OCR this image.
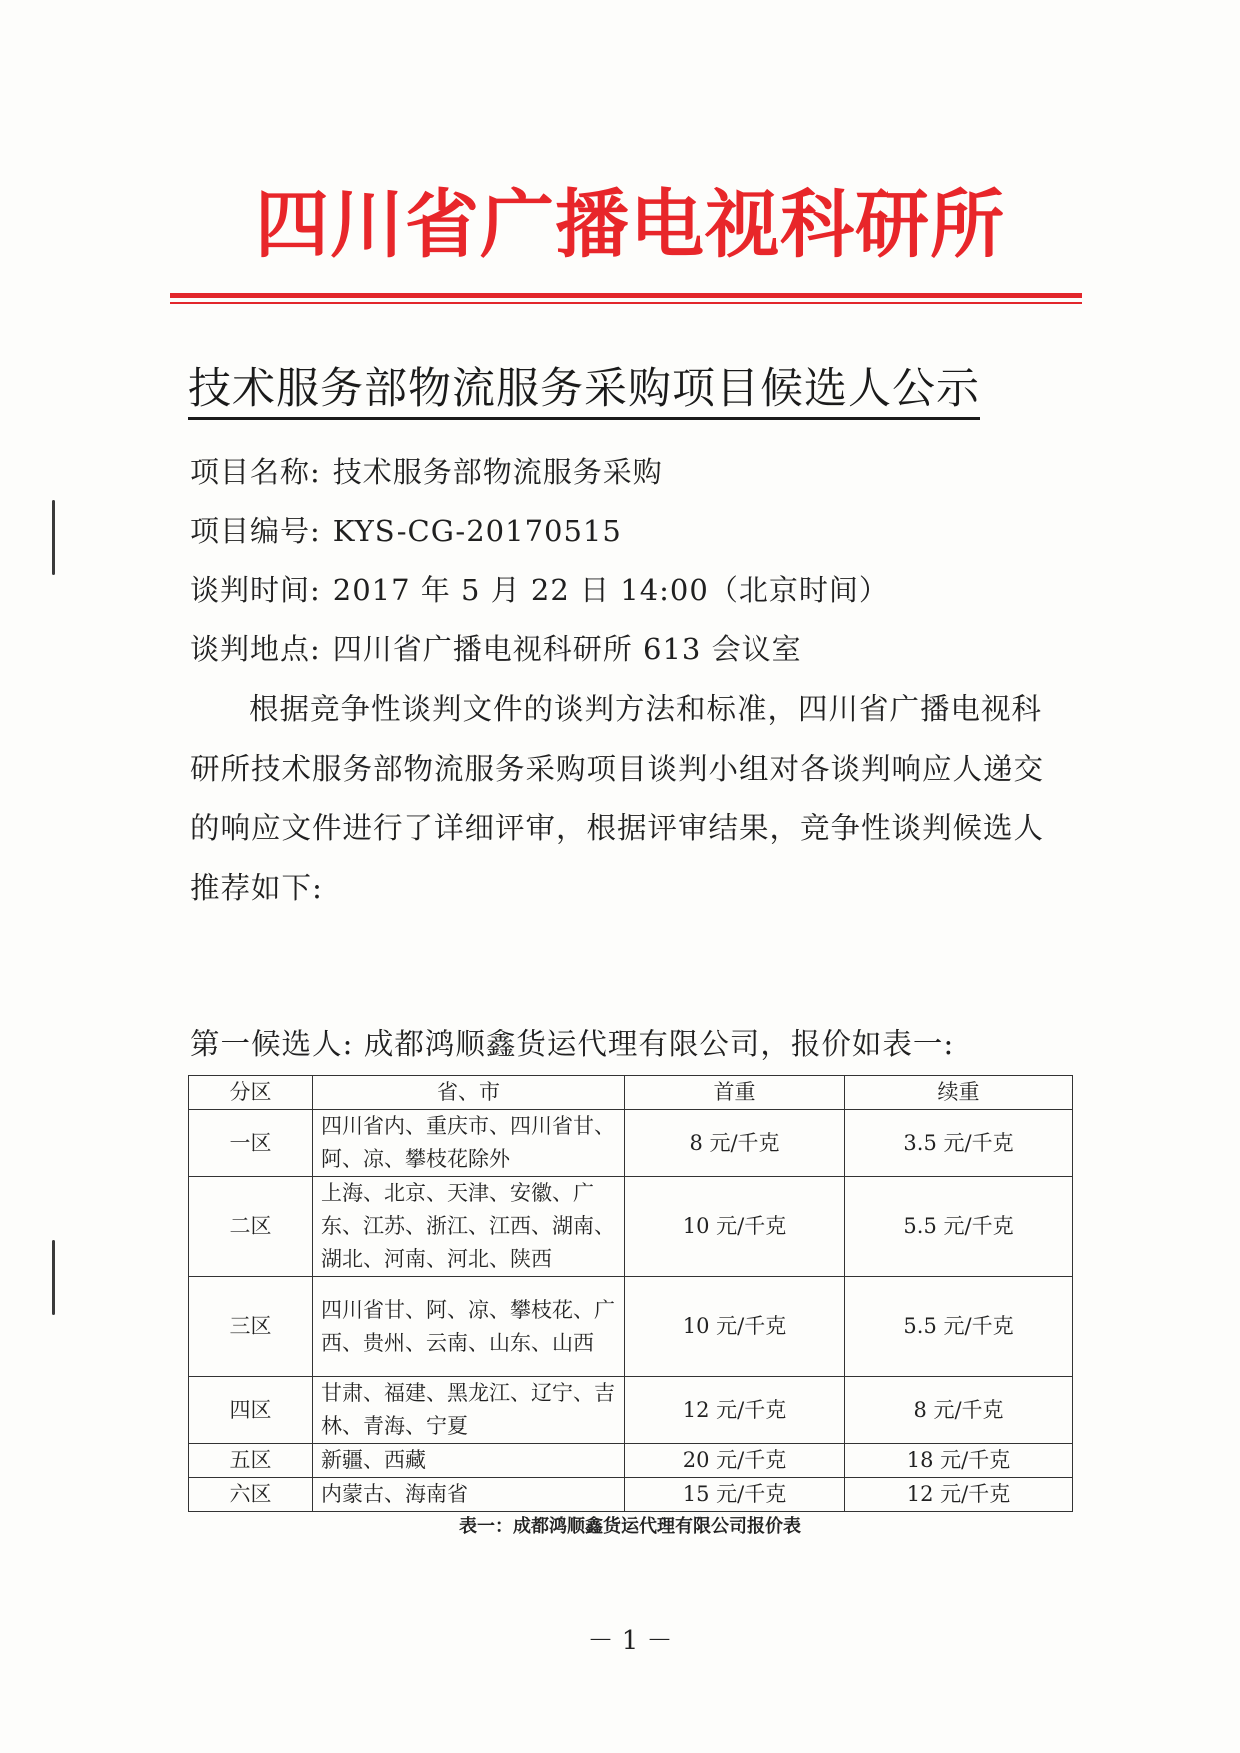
四川省广播电视科研所
技术服务部物流服务采购项目候选人公示
项目名称: 技术服务部物流服务采购
项目编号: KYS-CG-20170515
谈判时间: 2017 年 5 月 22 日 14:00（北京时间）
谈判地点: 四川省广播电视科研所 613 会议室

根据竞争性谈判文件的谈判方法和标准，四川省广播电视科研所技术服务部物流服务采购项目谈判小组对各谈判响应人递交的响应文件进行了详细评审，根据评审结果，竞争性谈判候选人推荐如下:

第一候选人: 成都鸿顺鑫货运代理有限公司，报价如表一:
分区	省、市	首重	续重
一区	四川省内、重庆市、四川省甘、阿、凉、攀枝花除外	8 元/千克	3.5 元/千克
二区	上海、北京、天津、安徽、广东、江苏、浙江、江西、湖南、湖北、河南、河北、陕西	10 元/千克	5.5 元/千克
三区	四川省甘、阿、凉、攀枝花、广西、贵州、云南、山东、山西	10 元/千克	5.5 元/千克
四区	甘肃、福建、黑龙江、辽宁、吉林、青海、宁夏	12 元/千克	8 元/千克
五区	新疆、西藏	20 元/千克	18 元/千克
六区	内蒙古、海南省	15 元/千克	12 元/千克
表一：成都鸿顺鑫货运代理有限公司报价表
－ 1 －
